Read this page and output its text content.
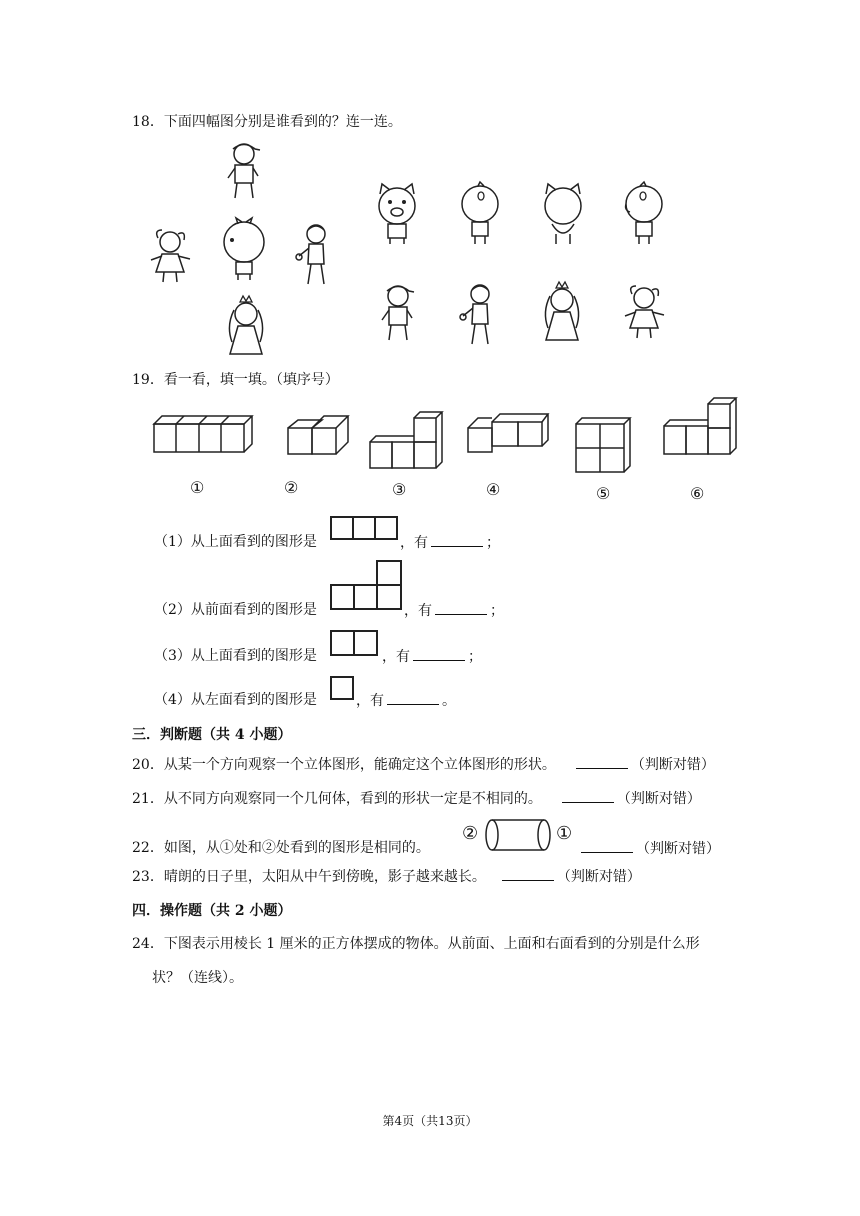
18．下面四幅图分别是谁看到的？连一连。
19．看一看，填一填。（填序号）
①	②	③	④	⑤	⑥
（1）从上面看到的图形是	，有	；
（2）从前面看到的图形是	，有	；
（3）从上面看到的图形是	，有	；
（4）从左面看到的图形是	，有	。
三．判断题（共 4 小题）
20．从某一个方向观察一个立体图形，能确定这个立体图形的形状。	（判断对错）
21．从不同方向观察同一个几何体，看到的形状一定是不相同的。	（判断对错）
22．如图，从①处和②处看到的图形是相同的。
②	①
（判断对错）
23．晴朗的日子里，太阳从中午到傍晚，影子越来越长。	（判断对错）
四．操作题（共 2 小题）
24．下图表示用棱长 1 厘米的正方体摆成的物体。从前面、上面和右面看到的分别是什么形
状？（连线）。
第4页（共13页）
